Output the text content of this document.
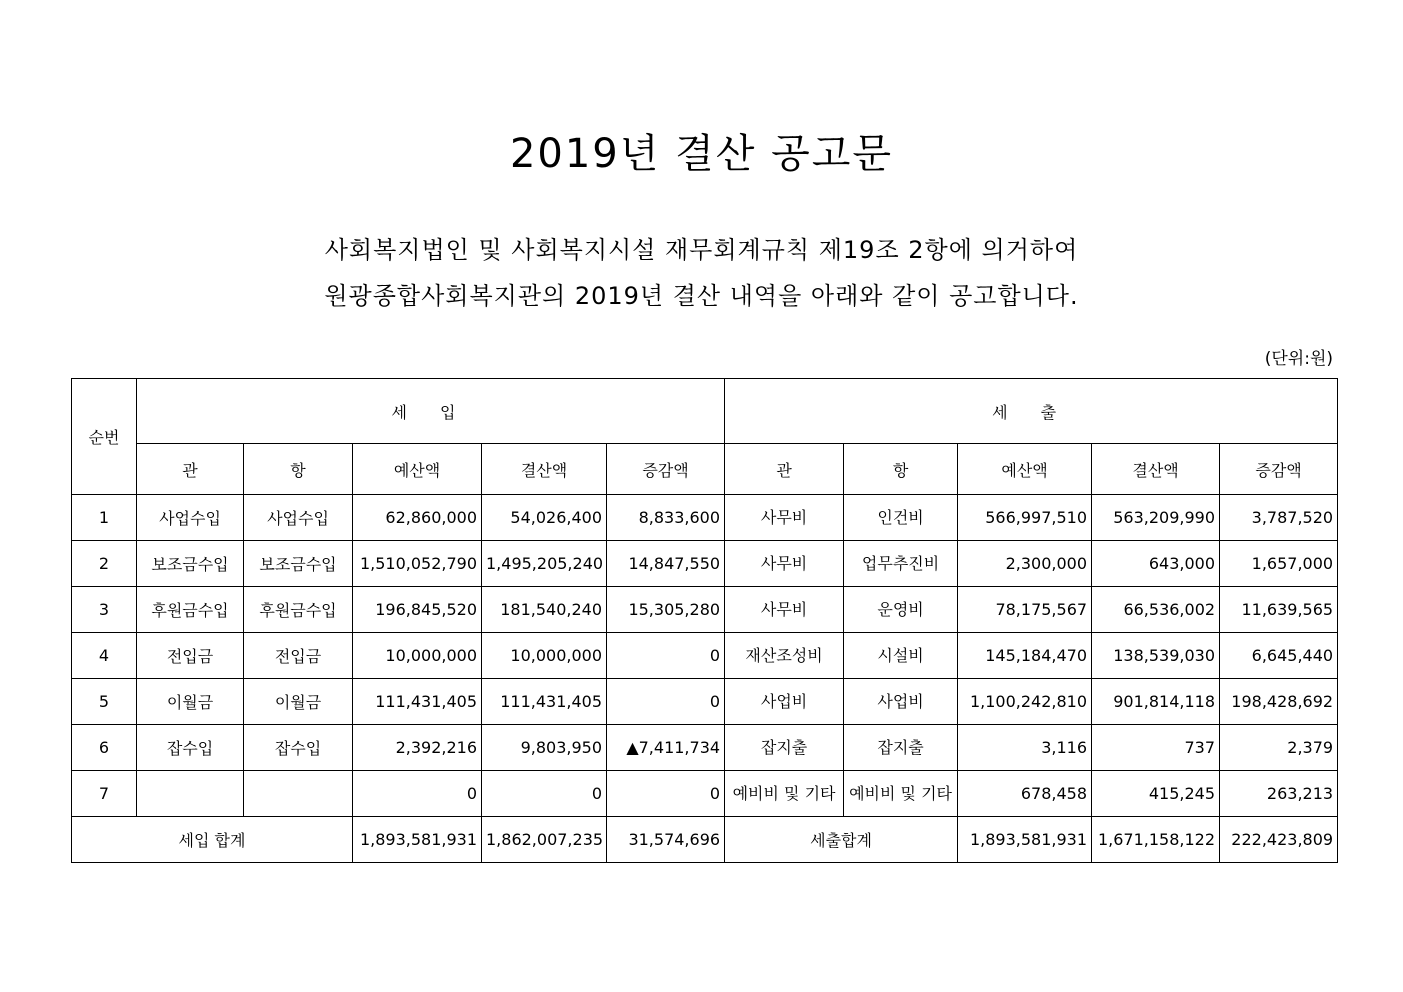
2019년 결산 공고문
사회복지법인 및 사회복지시설 재무회계규칙 제19조 2항에 의거하여
원광종합사회복지관의 2019년 결산 내역을 아래와 같이 공고합니다.
(단위:원)
순번	세 입					세 출				
	관	항	예산액	결산액	증감액	관	항	예산액	결산액	증감액
1	사업수입	사업수입	62,860,000	54,026,400	8,833,600	사무비	인건비	566,997,510	563,209,990	3,787,520
2	보조금수입	보조금수입	1,510,052,790	1,495,205,240	14,847,550	사무비	업무추진비	2,300,000	643,000	1,657,000
3	후원금수입	후원금수입	196,845,520	181,540,240	15,305,280	사무비	운영비	78,175,567	66,536,002	11,639,565
4	전입금	전입금	10,000,000	10,000,000	0	재산조성비	시설비	145,184,470	138,539,030	6,645,440
5	이월금	이월금	111,431,405	111,431,405	0	사업비	사업비	1,100,242,810	901,814,118	198,428,692
6	잡수입	잡수입	2,392,216	9,803,950	▲7,411,734	잡지출	잡지출	3,116	737	2,379
7			0	0	0	예비비 및 기타	예비비 및 기타	678,458	415,245	263,213
세입 합계			1,893,581,931	1,862,007,235	31,574,696	세출합계		1,893,581,931	1,671,158,122	222,423,809
